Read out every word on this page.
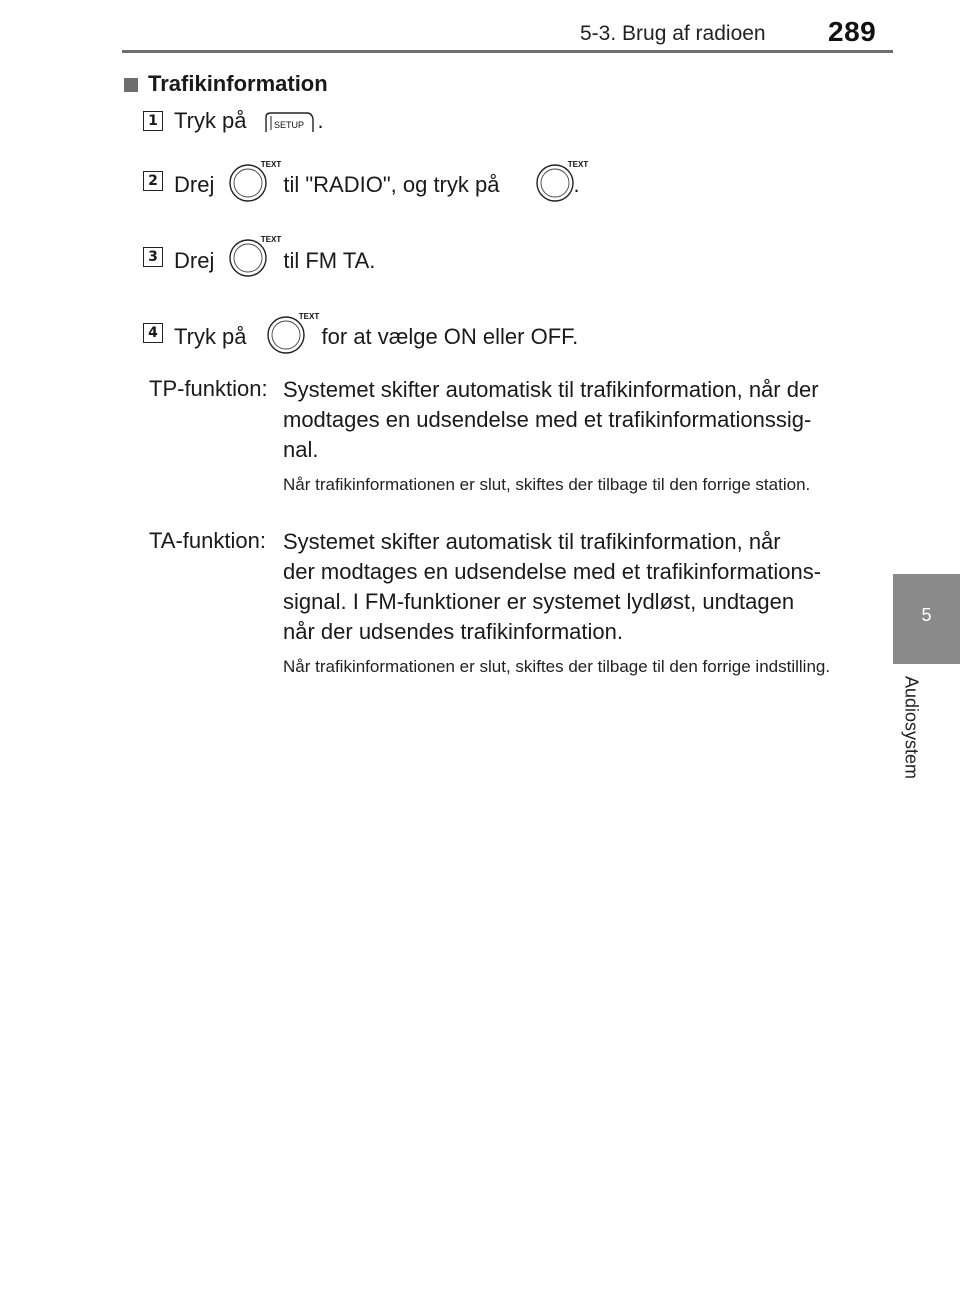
5-3. Brug af radioen 289
5
Audiosystem
Trafikinformation
1 Tryk på	.
SETUP
2 Drej	til "RADIO", og tryk på	.
TEXT	TEXT
3 Drej	til FM TA.
TEXT
4 Tryk på	for at vælge ON eller OFF.
TEXT
TP-funktion: Systemet skifter automatisk til trafikinformation, når der
modtages en udsendelse med et trafikinformationssig-
nal.
Når trafikinformationen er slut, skiftes der tilbage til den forrige station.
TA-funktion: Systemet skifter automatisk til trafikinformation, når
der modtages en udsendelse med et trafikinformations-
signal. I FM-funktioner er systemet lydløst, undtagen
når der udsendes trafikinformation.
Når trafikinformationen er slut, skiftes der tilbage til den forrige indstilling.
